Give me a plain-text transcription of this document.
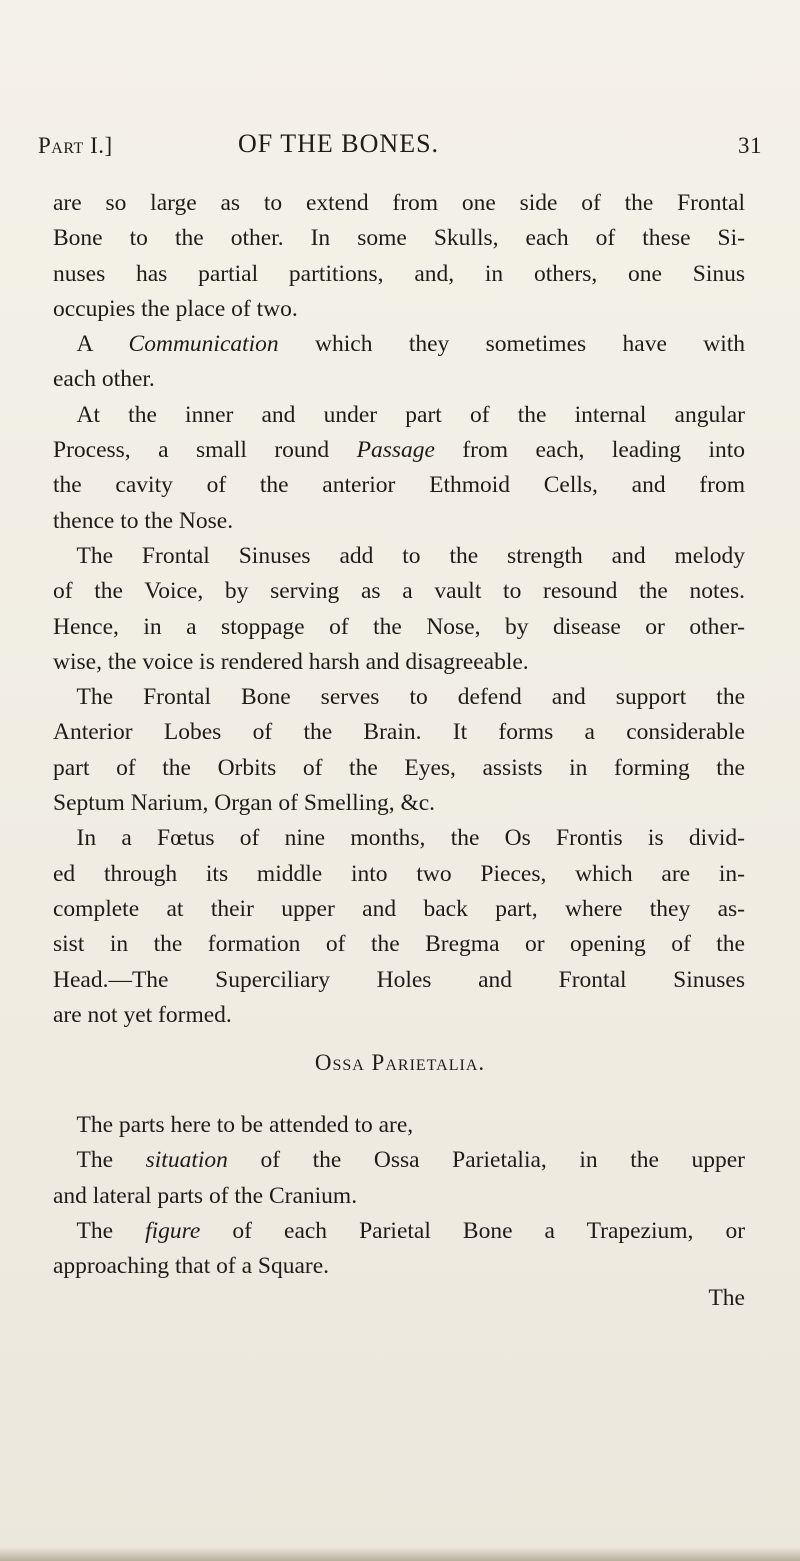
Part I.]	OF THE BONES.	31
are so large as to extend from one side of the Frontal
Bone to the other. In some Skulls, each of these Si-
nuses has partial partitions, and, in others, one Sinus
occupies the place of two.
 A Communication which they sometimes have with
each other.
 At the inner and under part of the internal angular
Process, a small round Passage from each, leading into
the cavity of the anterior Ethmoid Cells, and from
thence to the Nose.
 The Frontal Sinuses add to the strength and melody
of the Voice, by serving as a vault to resound the notes.
Hence, in a stoppage of the Nose, by disease or other-
wise, the voice is rendered harsh and disagreeable.
 The Frontal Bone serves to defend and support the
Anterior Lobes of the Brain. It forms a considerable
part of the Orbits of the Eyes, assists in forming the
Septum Narium, Organ of Smelling, &c.
 In a Fœtus of nine months, the Os Frontis is divid-
ed through its middle into two Pieces, which are in-
complete at their upper and back part, where they as-
sist in the formation of the Bregma or opening of the
Head.—The Superciliary Holes and Frontal Sinuses
are not yet formed.
Ossa Parietalia.
 The parts here to be attended to are,
 The situation of the Ossa Parietalia, in the upper
and lateral parts of the Cranium.
 The figure of each Parietal Bone a Trapezium, or
approaching that of a Square.
The
